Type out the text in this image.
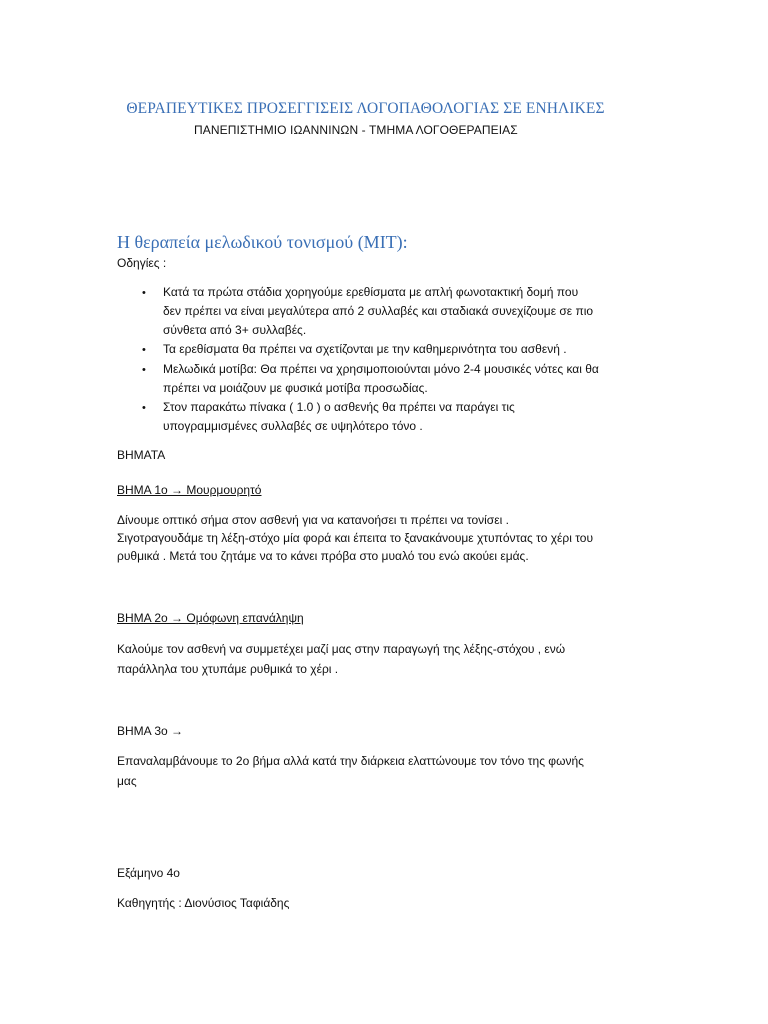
ΘΕΡΑΠΕΥΤΙΚΕΣ ΠΡΟΣΕΓΓΙΣΕΙΣ ΛΟΓΟΠΑΘΟΛΟΓΙΑΣ ΣΕ ΕΝΗΛΙΚΕΣ
ΠΑΝΕΠΙΣΤΗΜΙΟ ΙΩΑΝΝΙΝΩΝ - ΤΜΗΜΑ ΛΟΓΟΘΕΡΑΠΕΙΑΣ
Η θεραπεία μελωδικού τονισμού (MIT):
Οδηγίες :
• Κατά τα πρώτα στάδια χορηγούμε ερεθίσματα με απλή φωνοτακτική δομή που
δεν πρέπει να είναι μεγαλύτερα από 2 συλλαβές και σταδιακά συνεχίζουμε σε πιο
σύνθετα από 3+ συλλαβές.
• Τα ερεθίσματα θα πρέπει να σχετίζονται με την καθημερινότητα του ασθενή .
• Μελωδικά μοτίβα: Θα πρέπει να χρησιμοποιούνται μόνο 2-4 μουσικές νότες και θα
πρέπει να μοιάζουν με φυσικά μοτίβα προσωδίας.
• Στον παρακάτω πίνακα ( 1.0 ) ο ασθενής θα πρέπει να παράγει τις
υπογραμμισμένες συλλαβές σε υψηλότερο τόνο .
ΒΗΜΑΤΑ
ΒΗΜΑ 1ο → Μουρμουρητό
Δίνουμε οπτικό σήμα στον ασθενή για να κατανοήσει τι πρέπει να τονίσει .
Σιγοτραγουδάμε τη λέξη-στόχο μία φορά και έπειτα το ξανακάνουμε χτυπόντας το χέρι του
ρυθμικά . Μετά του ζητάμε να το κάνει πρόβα στο μυαλό του ενώ ακούει εμάς.
ΒΗΜΑ 2ο → Ομόφωνη επανάληψη
Καλούμε τον ασθενή να συμμετέχει μαζί μας στην παραγωγή της λέξης-στόχου , ενώ
παράλληλα του χτυπάμε ρυθμικά το χέρι .
ΒΗΜΑ 3ο →
Επαναλαμβάνουμε το 2ο βήμα αλλά κατά την διάρκεια ελαττώνουμε τον τόνο της φωνής
μας
Εξάμηνο 4ο
Καθηγητής : Διονύσιος Ταφιάδης
